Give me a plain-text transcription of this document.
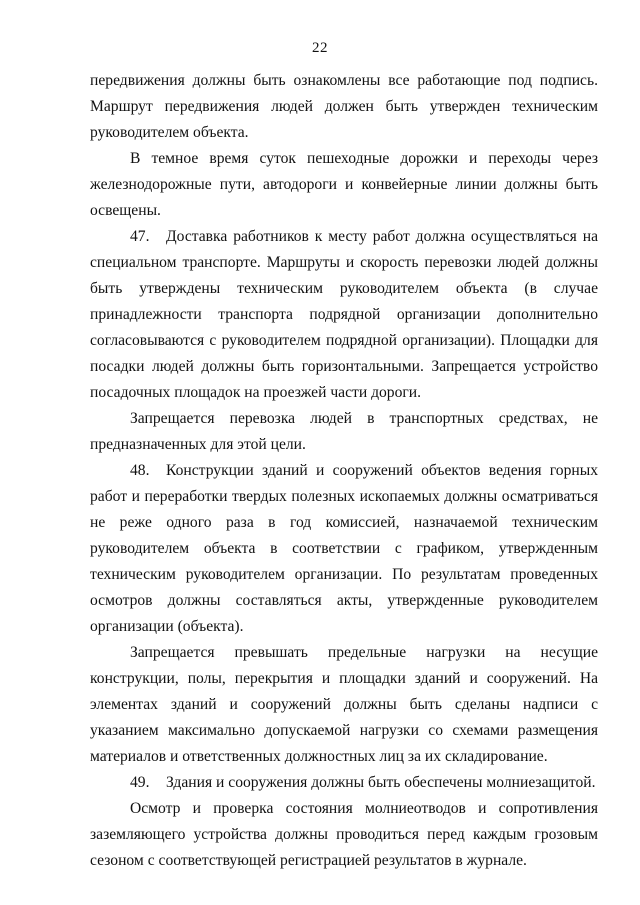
22

передвижения должны быть ознакомлены все работающие под подпись. Маршрут передвижения людей должен быть утвержден техническим руководителем объекта.

В темное время суток пешеходные дорожки и переходы через железнодорожные пути, автодороги и конвейерные линии должны быть освещены.

47. Доставка работников к месту работ должна осуществляться на специальном транспорте. Маршруты и скорость перевозки людей должны быть утверждены техническим руководителем объекта (в случае принадлежности транспорта подрядной организации дополнительно согласовываются с руководителем подрядной организации). Площадки для посадки людей должны быть горизонтальными. Запрещается устройство посадочных площадок на проезжей части дороги.

Запрещается перевозка людей в транспортных средствах, не предназначенных для этой цели.

48. Конструкции зданий и сооружений объектов ведения горных работ и переработки твердых полезных ископаемых должны осматриваться не реже одного раза в год комиссией, назначаемой техническим руководителем объекта в соответствии с графиком, утвержденным техническим руководителем организации. По результатам проведенных осмотров должны составляться акты, утвержденные руководителем организации (объекта).

Запрещается превышать предельные нагрузки на несущие конструкции, полы, перекрытия и площадки зданий и сооружений. На элементах зданий и сооружений должны быть сделаны надписи с указанием максимально допускаемой нагрузки со схемами размещения материалов и ответственных должностных лиц за их складирование.

49. Здания и сооружения должны быть обеспечены молниезащитой.

Осмотр и проверка состояния молниеотводов и сопротивления заземляющего устройства должны проводиться перед каждым грозовым сезоном с соответствующей регистрацией результатов в журнале.
